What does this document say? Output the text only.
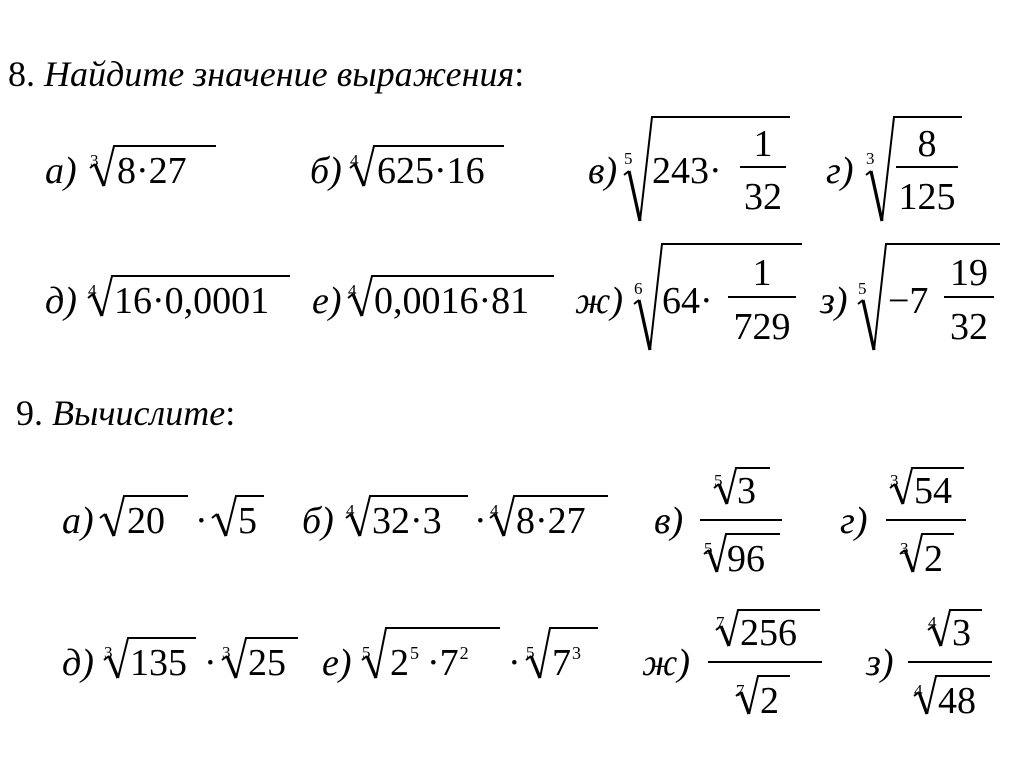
8. Найдите значение выражения:
а) 3 8·27	б) 4 625·16	в) 5 243·
1
32
г) 3	8
125
д) 4 16·0,0001 е) 4 0,0016·81 ж) 6 64·
1
729
з) 5 −7
19
32
9. Вычислите:
а) 20 · 5 б) 4 32·3 · 4 8·27 в)
5 3
5 96
г)
3 54
3 2
д) 3 135 · 3 25 е) 5 $2^5 \cdot 7^2 \cdot 5$ $7^3$ ж)
7 256
7 2
з)
4 3
4 48
